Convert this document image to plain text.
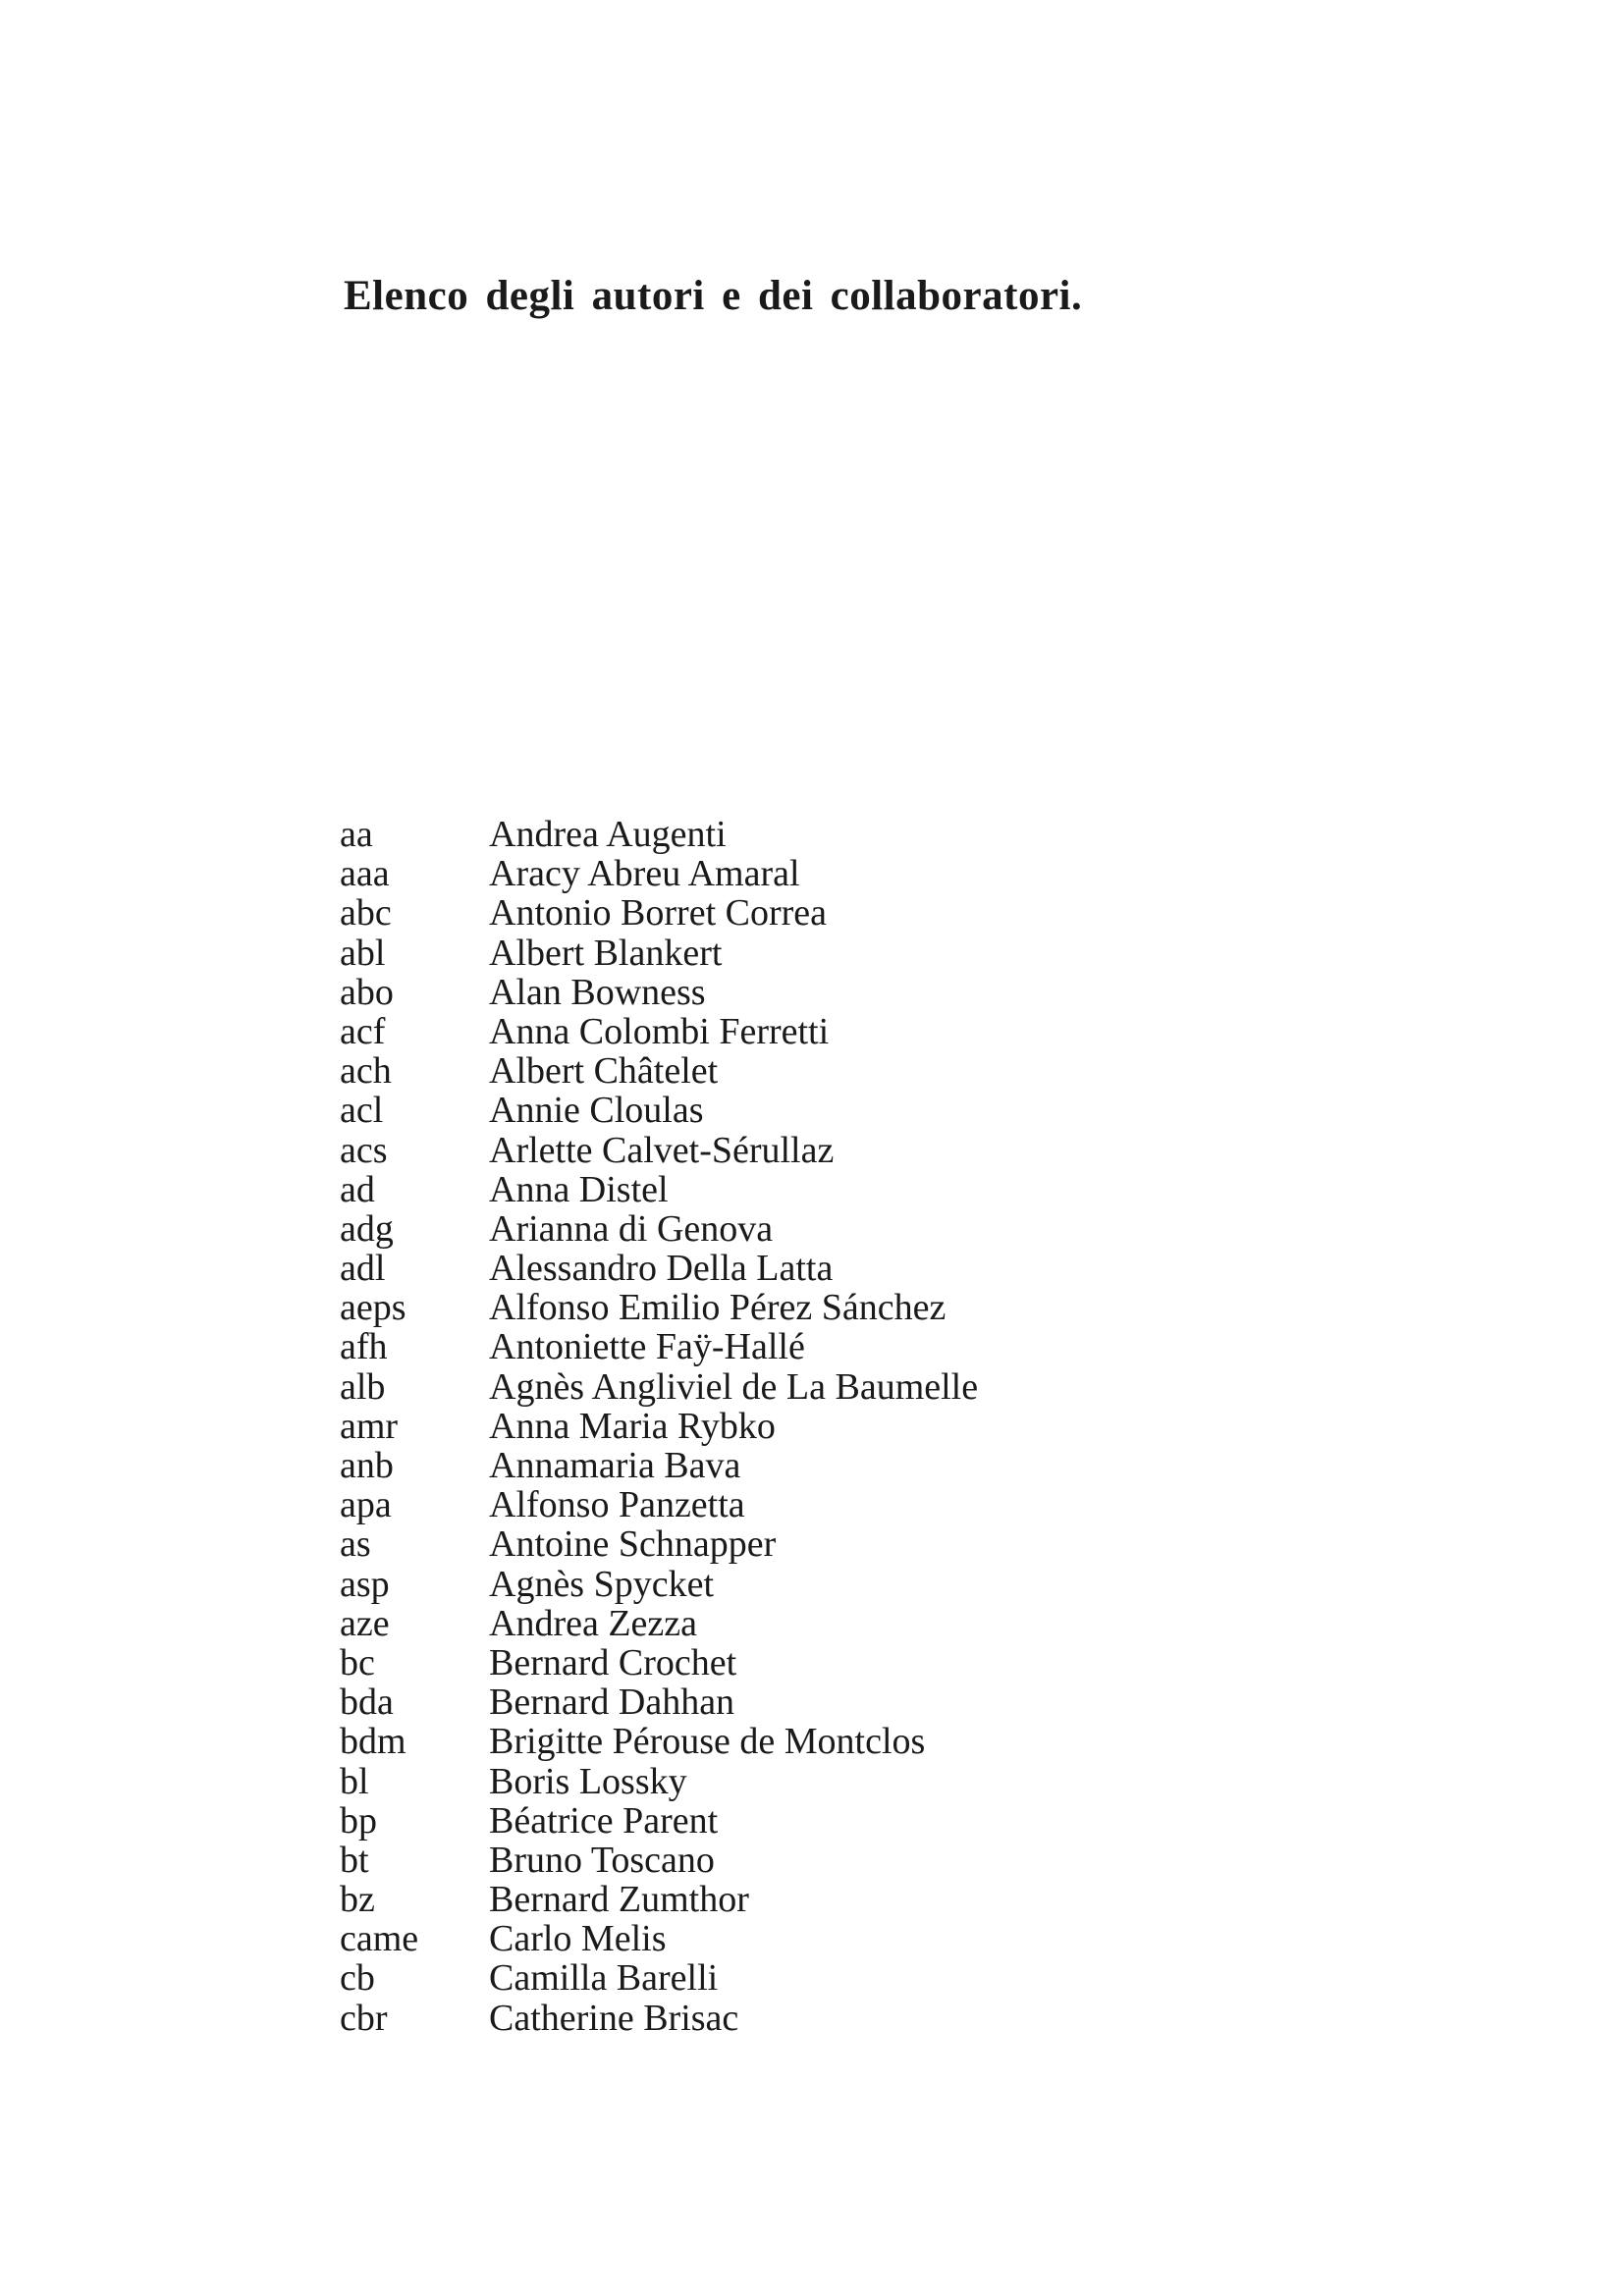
Elenco degli autori e dei collaboratori.
aa	Andrea Augenti
aaa	Aracy Abreu Amaral
abc	Antonio Borret Correa
abl	Albert Blankert
abo	Alan Bowness
acf	Anna Colombi Ferretti
ach	Albert Châtelet
acl	Annie Cloulas
acs	Arlette Calvet-Sérullaz
ad	Anna Distel
adg	Arianna di Genova
adl	Alessandro Della Latta
aeps	Alfonso Emilio Pérez Sánchez
afh	Antoniette Faÿ-Hallé
alb	Agnès Angliviel de La Baumelle
amr	Anna Maria Rybko
anb	Annamaria Bava
apa	Alfonso Panzetta
as	Antoine Schnapper
asp	Agnès Spycket
aze	Andrea Zezza
bc	Bernard Crochet
bda	Bernard Dahhan
bdm	Brigitte Pérouse de Montclos
bl	Boris Lossky
bp	Béatrice Parent
bt	Bruno Toscano
bz	Bernard Zumthor
came	Carlo Melis
cb	Camilla Barelli
cbr	Catherine Brisac
